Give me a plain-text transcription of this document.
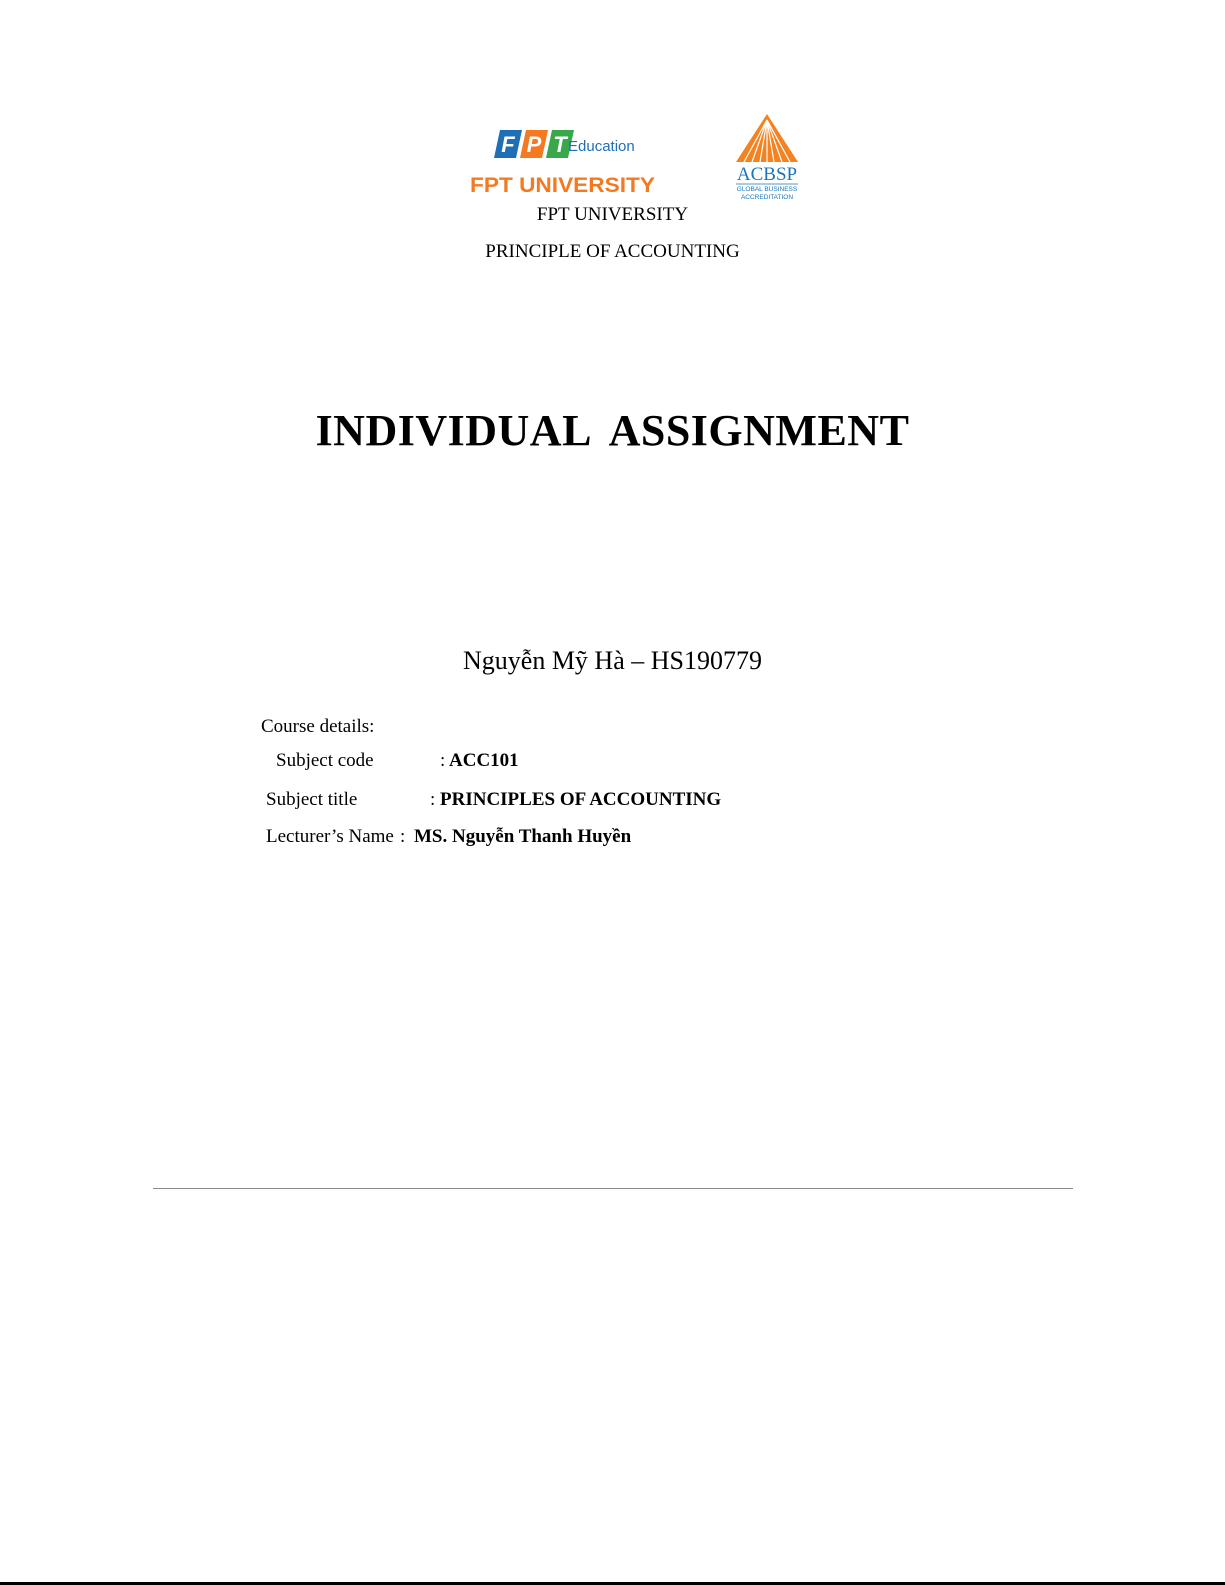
F P T Education
FPT UNIVERSITY	ACBSP
GLOBAL BUSINESS
ACCREDITATION
FPT UNIVERSITY
PRINCIPLE OF ACCOUNTING
INDIVIDUAL ASSIGNMENT
Nguyễn Mỹ Hà – HS190779
Course details:
Subject code	: ACC101
Subject title	: PRINCIPLES OF ACCOUNTING
Lecturer’s Name : MS. Nguyễn Thanh Huyền
